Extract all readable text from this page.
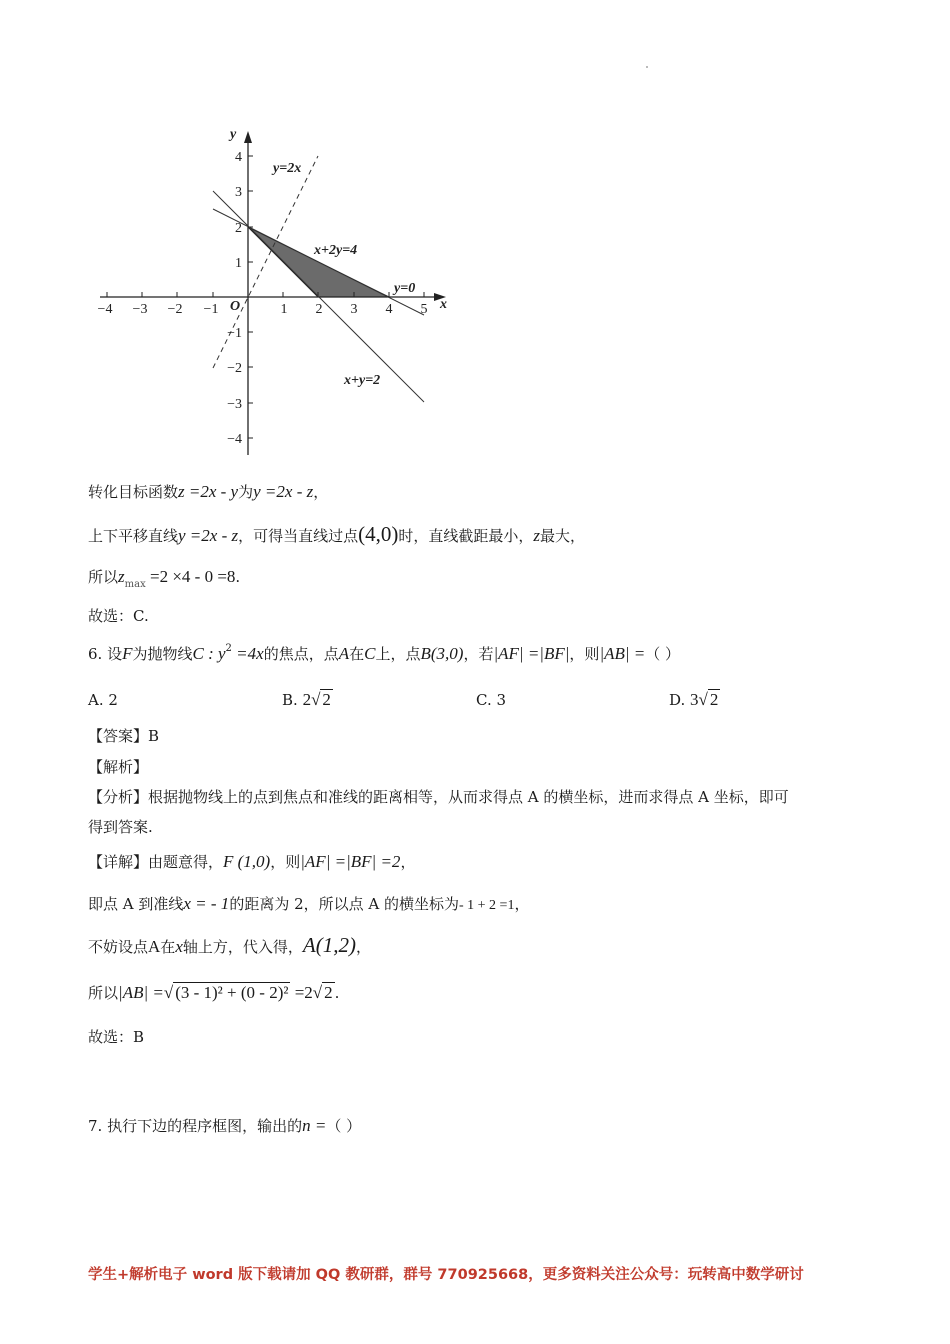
−4 −3 −2 −1	1 2 3 4 5
4
3
2
1
−1
−2
−3
−4
x
y
O
y=2x
x+2y=4
y=0
x+y=2
转化目标函数z =2x - y为y =2x - z，
上下平移直线y =2x - z，可得当直线过点(4,0)时，直线截距最小，z最大，
所以$z_{max} =2 \times 4 - 0 =8$.
故选：C.
6. 设F为抛物线C : $y^2 =4x$的焦点，点A在C上，点B(3,0)，若|AF| =|BF|，则|AB| =（ ）
A. 2	B. 2√ 2	C. 3	D. 3√ 2
【答案】B
【解析】
【分析】根据抛物线上的点到焦点和准线的距离相等，从而求得点 A 的横坐标，进而求得点 A 坐标，即可
得到答案.
【详解】由题意得，F (1,0)，则|AF| =|BF| =2，
即点 A 到准线x = - 1的距离为 2，所以点 A 的横坐标为- 1 + 2 =1，
不妨设点A在x轴上方，代入得，A(1,2)，
所以|AB| =√ (3 - 1)² + (0 - 2)² =2√ 2 .
故选：B
7. 执行下边的程序框图，输出的n =（ ）
学生+解析电子 word 版下载请加 QQ 教研群，群号 770925668，更多资料关注公众号：玩转高中数学研讨
